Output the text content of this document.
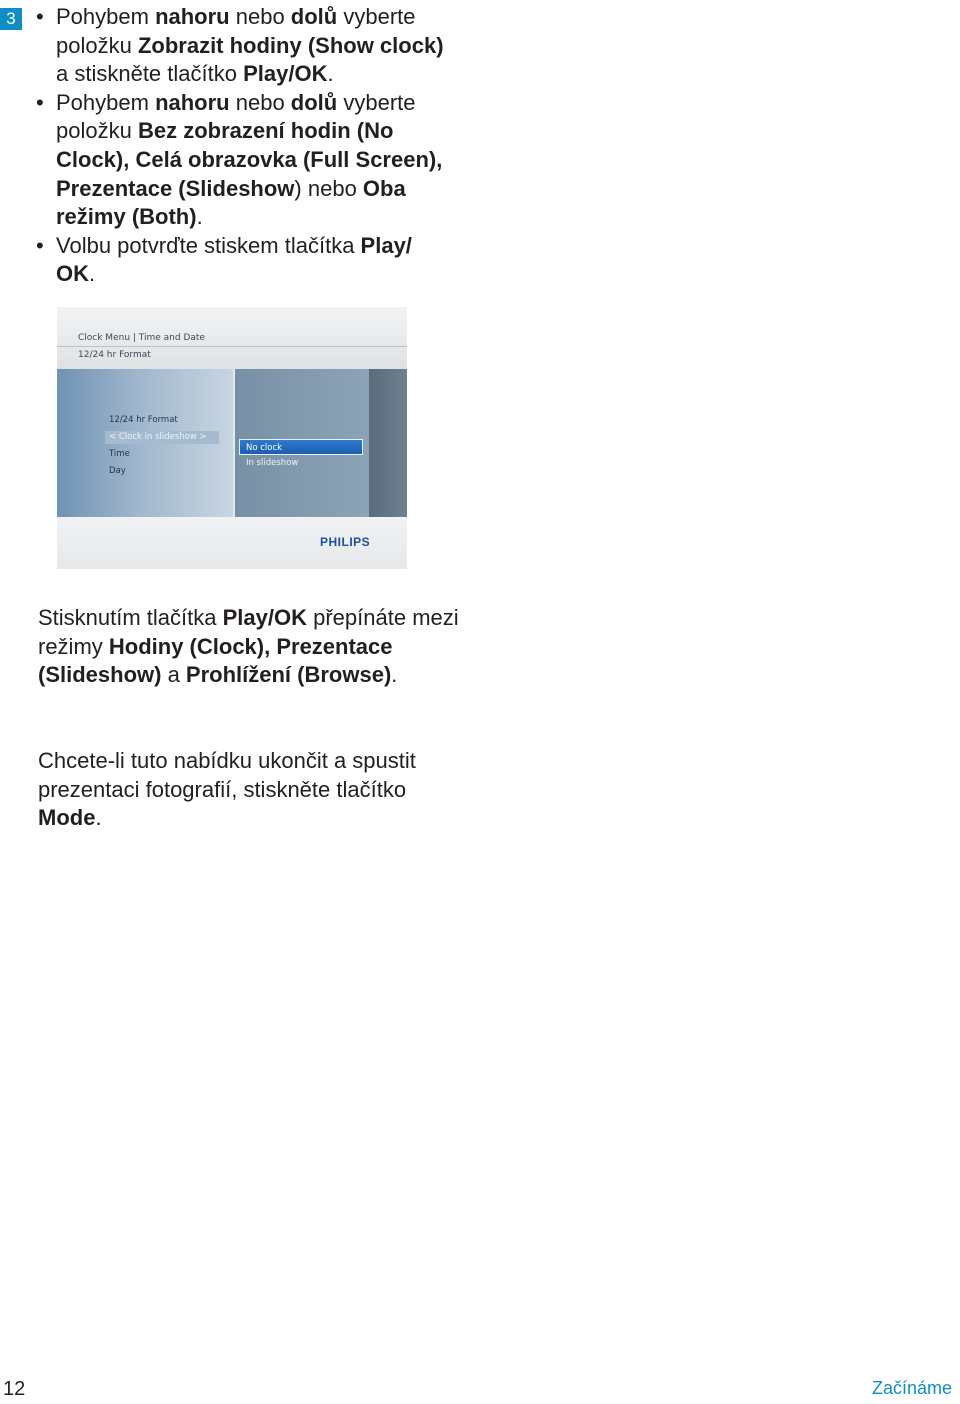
3
•	Pohybem nahoru nebo dolů vyberte položku Zobrazit hodiny (Show clock) a stiskněte tlačítko Play/OK.
• Pohybem nahoru nebo dolů vyberte položku Bez zobrazení hodin (No Clock), Celá obrazovka (Full Screen), Prezentace (Slideshow) nebo Oba režimy (Both).
• Volbu potvrďte stiskem tlačítka Play/ OK.
Clock Menu | Time and Date
12/24 hr Format
12/24 hr Format
< Clock in slideshow >
Time
Day
No clock
In slideshow
PHILIPS

Stisknutím tlačítka Play/OK přepínáte mezi režimy Hodiny (Clock), Prezentace (Slideshow) a Prohlížení (Browse).

Chcete-li tuto nabídku ukončit a spustit prezentaci fotografií, stiskněte tlačítko Mode.

12	Začínáme
